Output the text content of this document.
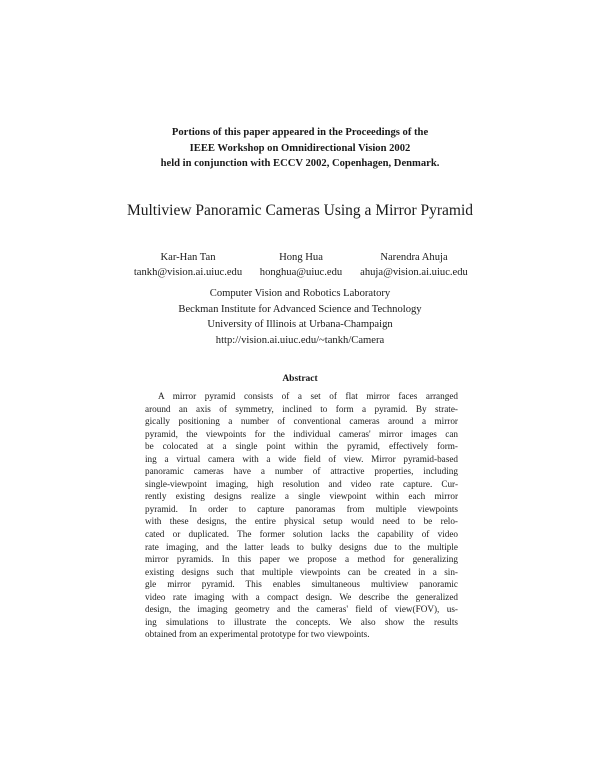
Portions of this paper appeared in the Proceedings of the
IEEE Workshop on Omnidirectional Vision 2002
held in conjunction with ECCV 2002, Copenhagen, Denmark.
Multiview Panoramic Cameras Using a Mirror Pyramid
Kar-Han Tan
tankh@vision.ai.uiuc.edu
Hong Hua
honghua@uiuc.edu
Narendra Ahuja
ahuja@vision.ai.uiuc.edu
Computer Vision and Robotics Laboratory
Beckman Institute for Advanced Science and Technology
University of Illinois at Urbana-Champaign
http://vision.ai.uiuc.edu/~tankh/Camera
Abstract
A mirror pyramid consists of a set of flat mirror faces arranged
around an axis of symmetry, inclined to form a pyramid. By strate-
gically positioning a number of conventional cameras around a mirror
pyramid, the viewpoints for the individual cameras' mirror images can
be colocated at a single point within the pyramid, effectively form-
ing a virtual camera with a wide field of view. Mirror pyramid-based
panoramic cameras have a number of attractive properties, including
single-viewpoint imaging, high resolution and video rate capture. Cur-
rently existing designs realize a single viewpoint within each mirror
pyramid. In order to capture panoramas from multiple viewpoints
with these designs, the entire physical setup would need to be relo-
cated or duplicated. The former solution lacks the capability of video
rate imaging, and the latter leads to bulky designs due to the multiple
mirror pyramids. In this paper we propose a method for generalizing
existing designs such that multiple viewpoints can be created in a sin-
gle mirror pyramid. This enables simultaneous multiview panoramic
video rate imaging with a compact design. We describe the generalized
design, the imaging geometry and the cameras' field of view(FOV), us-
ing simulations to illustrate the concepts. We also show the results
obtained from an experimental prototype for two viewpoints.
